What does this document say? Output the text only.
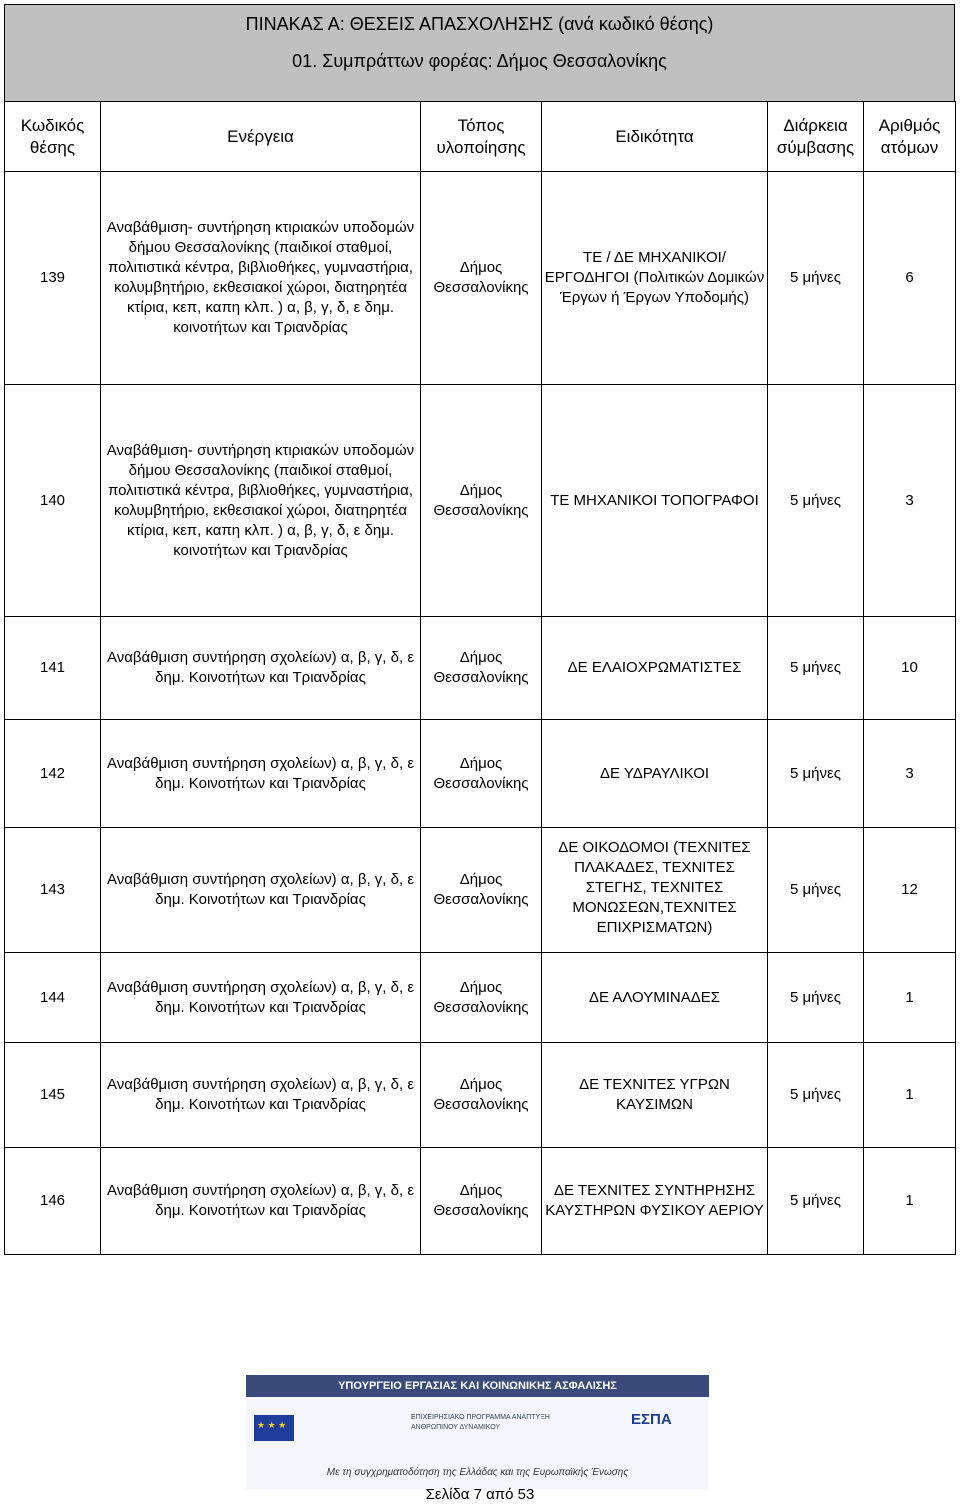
ΠΙΝΑΚΑΣ Α: ΘΕΣΕΙΣ ΑΠΑΣΧΟΛΗΣΗΣ (ανά κωδικό θέσης)
01. Συμπράττων φορέας: Δήμος Θεσσαλονίκης
Κωδικός θέσης	Ενέργεια	Τόπος υλοποίησης	Ειδικότητα	Διάρκεια σύμβασης	Αριθμός ατόμων
139	Αναβάθμιση- συντήρηση κτιριακών υποδομών δήμου Θεσσαλονίκης (παιδικοί σταθμοί, πολιτιστικά κέντρα, βιβλιοθήκες, γυμναστήρια, κολυμβητήριο, εκθεσιακοί χώροι, διατηρητέα κτίρια, κεπ, καπη κλπ. ) α, β, γ, δ, ε δημ. κοινοτήτων και Τριανδρίας	Δήμος Θεσσαλονίκης	ΤΕ / ΔΕ ΜΗΧΑΝΙΚΟΙ/ΕΡΓΟΔΗΓΟΙ (Πολιτικών Δομικών Έργων ή Έργων Υποδομής)	5 μήνες	6
140	Αναβάθμιση- συντήρηση κτιριακών υποδομών δήμου Θεσσαλονίκης (παιδικοί σταθμοί, πολιτιστικά κέντρα, βιβλιοθήκες, γυμναστήρια, κολυμβητήριο, εκθεσιακοί χώροι, διατηρητέα κτίρια, κεπ, καπη κλπ. ) α, β, γ, δ, ε δημ. κοινοτήτων και Τριανδρίας	Δήμος Θεσσαλονίκης	ΤΕ ΜΗΧΑΝΙΚΟΙ ΤΟΠΟΓΡΑΦΟΙ	5 μήνες	3
141	Αναβάθμιση συντήρηση σχολείων) α, β, γ, δ, ε δημ. Κοινοτήτων και Τριανδρίας	Δήμος Θεσσαλονίκης	ΔΕ ΕΛΑΙΟΧΡΩΜΑΤΙΣΤΕΣ	5 μήνες	10
142	Αναβάθμιση συντήρηση σχολείων) α, β, γ, δ, ε δημ. Κοινοτήτων και Τριανδρίας	Δήμος Θεσσαλονίκης	ΔΕ ΥΔΡΑΥΛΙΚΟΙ	5 μήνες	3
143	Αναβάθμιση συντήρηση σχολείων) α, β, γ, δ, ε δημ. Κοινοτήτων και Τριανδρίας	Δήμος Θεσσαλονίκης	ΔΕ ΟΙΚΟΔΟΜΟΙ (ΤΕΧΝΙΤΕΣ ΠΛΑΚΑΔΕΣ, ΤΕΧΝΙΤΕΣ ΣΤΕΓΗΣ, ΤΕΧΝΙΤΕΣ ΜΟΝΩΣΕΩΝ,ΤΕΧΝΙΤΕΣ ΕΠΙΧΡΙΣΜΑΤΩΝ)	5 μήνες	12
144	Αναβάθμιση συντήρηση σχολείων) α, β, γ, δ, ε δημ. Κοινοτήτων και Τριανδρίας	Δήμος Θεσσαλονίκης	ΔΕ ΑΛΟΥΜΙΝΑΔΕΣ	5 μήνες	1
145	Αναβάθμιση συντήρηση σχολείων) α, β, γ, δ, ε δημ. Κοινοτήτων και Τριανδρίας	Δήμος Θεσσαλονίκης	ΔΕ ΤΕΧΝΙΤΕΣ ΥΓΡΩΝ ΚΑΥΣΙΜΩΝ	5 μήνες	1
146	Αναβάθμιση συντήρηση σχολείων) α, β, γ, δ, ε δημ. Κοινοτήτων και Τριανδρίας	Δήμος Θεσσαλονίκης	ΔΕ ΤΕΧΝΙΤΕΣ ΣΥΝΤΗΡΗΣΗΣ ΚΑΥΣΤΗΡΩΝ ΦΥΣΙΚΟΥ ΑΕΡΙΟΥ	5 μήνες	1
ΥΠΟΥΡΓΕΙΟ ΕΡΓΑΣΙΑΣ ΚΑΙ ΚΟΙΝΩΝΙΚΗΣ ΑΣΦΑΛΙΣΗΣ
★ ★ ★
ΕΠΙΧΕΙΡΗΣΙΑΚΟ ΠΡΟΓΡΑΜΜΑ ΑΝΑΠΤΥΞΗ ΑΝΘΡΩΠΙΝΟΥ ΔΥΝΑΜΙΚΟΥ	ΕΣΠΑ
Με τη συγχρηματοδότηση της Ελλάδας και της Ευρωπαϊκής Ένωσης
Σελίδα 7 από 53
